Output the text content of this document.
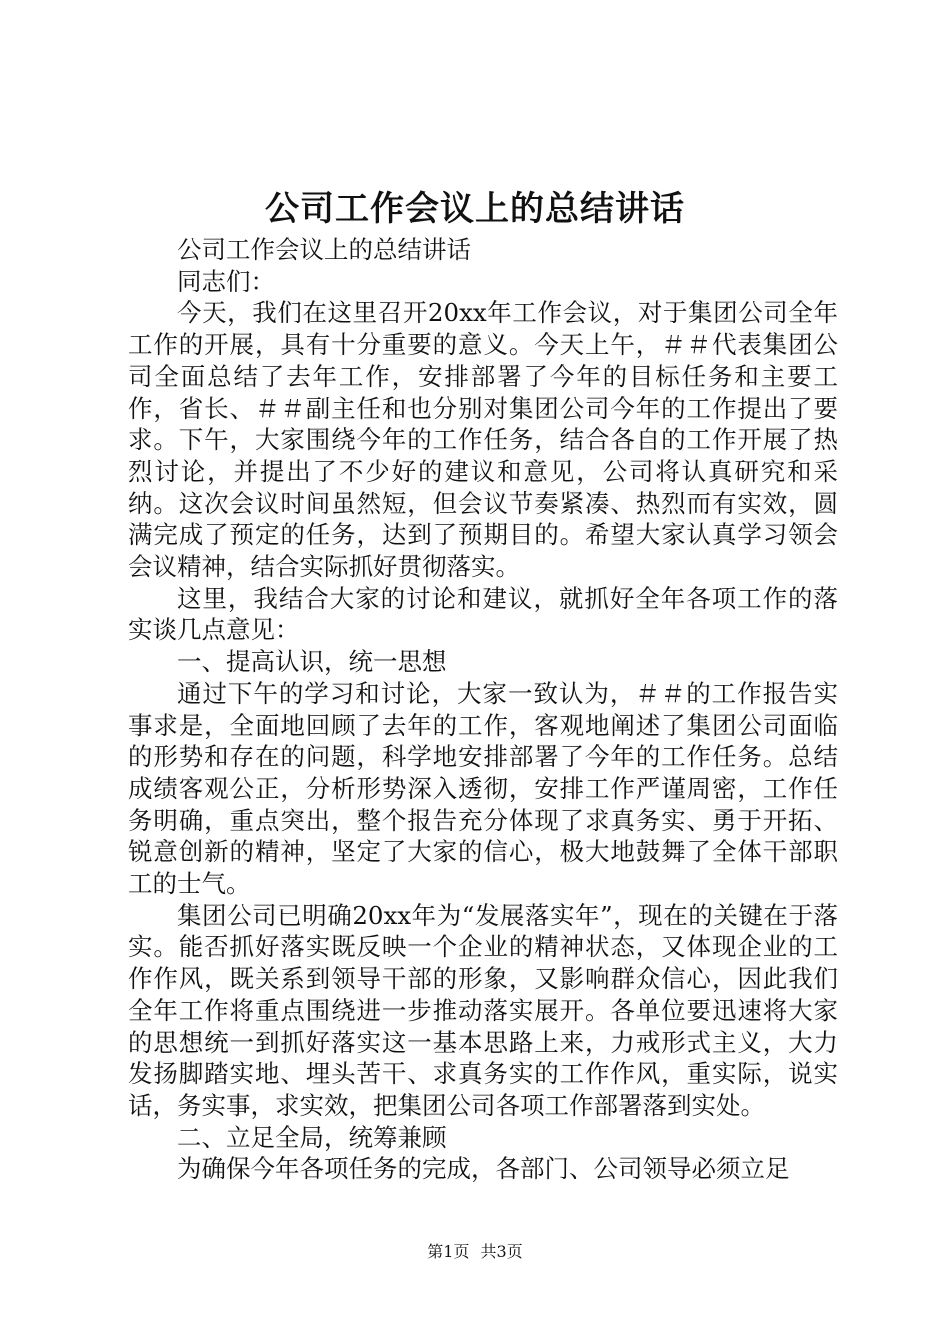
公司工作会议上的总结讲话

公司工作会议上的总结讲话

同志们：

今天，我们在这里召开20xx年工作会议，对于集团公司全年工作的开展，具有十分重要的意义。今天上午，＃＃代表集团公司全面总结了去年工作，安排部署了今年的目标任务和主要工作，省长、＃＃副主任和也分别对集团公司今年的工作提出了要求。下午，大家围绕今年的工作任务，结合各自的工作开展了热烈讨论，并提出了不少好的建议和意见，公司将认真研究和采纳。这次会议时间虽然短，但会议节奏紧凑、热烈而有实效，圆满完成了预定的任务，达到了预期目的。希望大家认真学习领会会议精神，结合实际抓好贯彻落实。

这里，我结合大家的讨论和建议，就抓好全年各项工作的落实谈几点意见：

一、提高认识，统一思想

通过下午的学习和讨论，大家一致认为，＃＃的工作报告实事求是，全面地回顾了去年的工作，客观地阐述了集团公司面临的形势和存在的问题，科学地安排部署了今年的工作任务。总结成绩客观公正，分析形势深入透彻，安排工作严谨周密，工作任务明确，重点突出，整个报告充分体现了求真务实、勇于开拓、锐意创新的精神，坚定了大家的信心，极大地鼓舞了全体干部职工的士气。

集团公司已明确20xx年为“发展落实年”，现在的关键在于落实。能否抓好落实既反映一个企业的精神状态，又体现企业的工作作风，既关系到领导干部的形象，又影响群众信心，因此我们全年工作将重点围绕进一步推动落实展开。各单位要迅速将大家的思想统一到抓好落实这一基本思路上来，力戒形式主义，大力发扬脚踏实地、埋头苦干、求真务实的工作作风，重实际，说实话，务实事，求实效，把集团公司各项工作部署落到实处。

二、立足全局，统筹兼顾

为确保今年各项任务的完成，各部门、公司领导必须立足

第1页 共3页
